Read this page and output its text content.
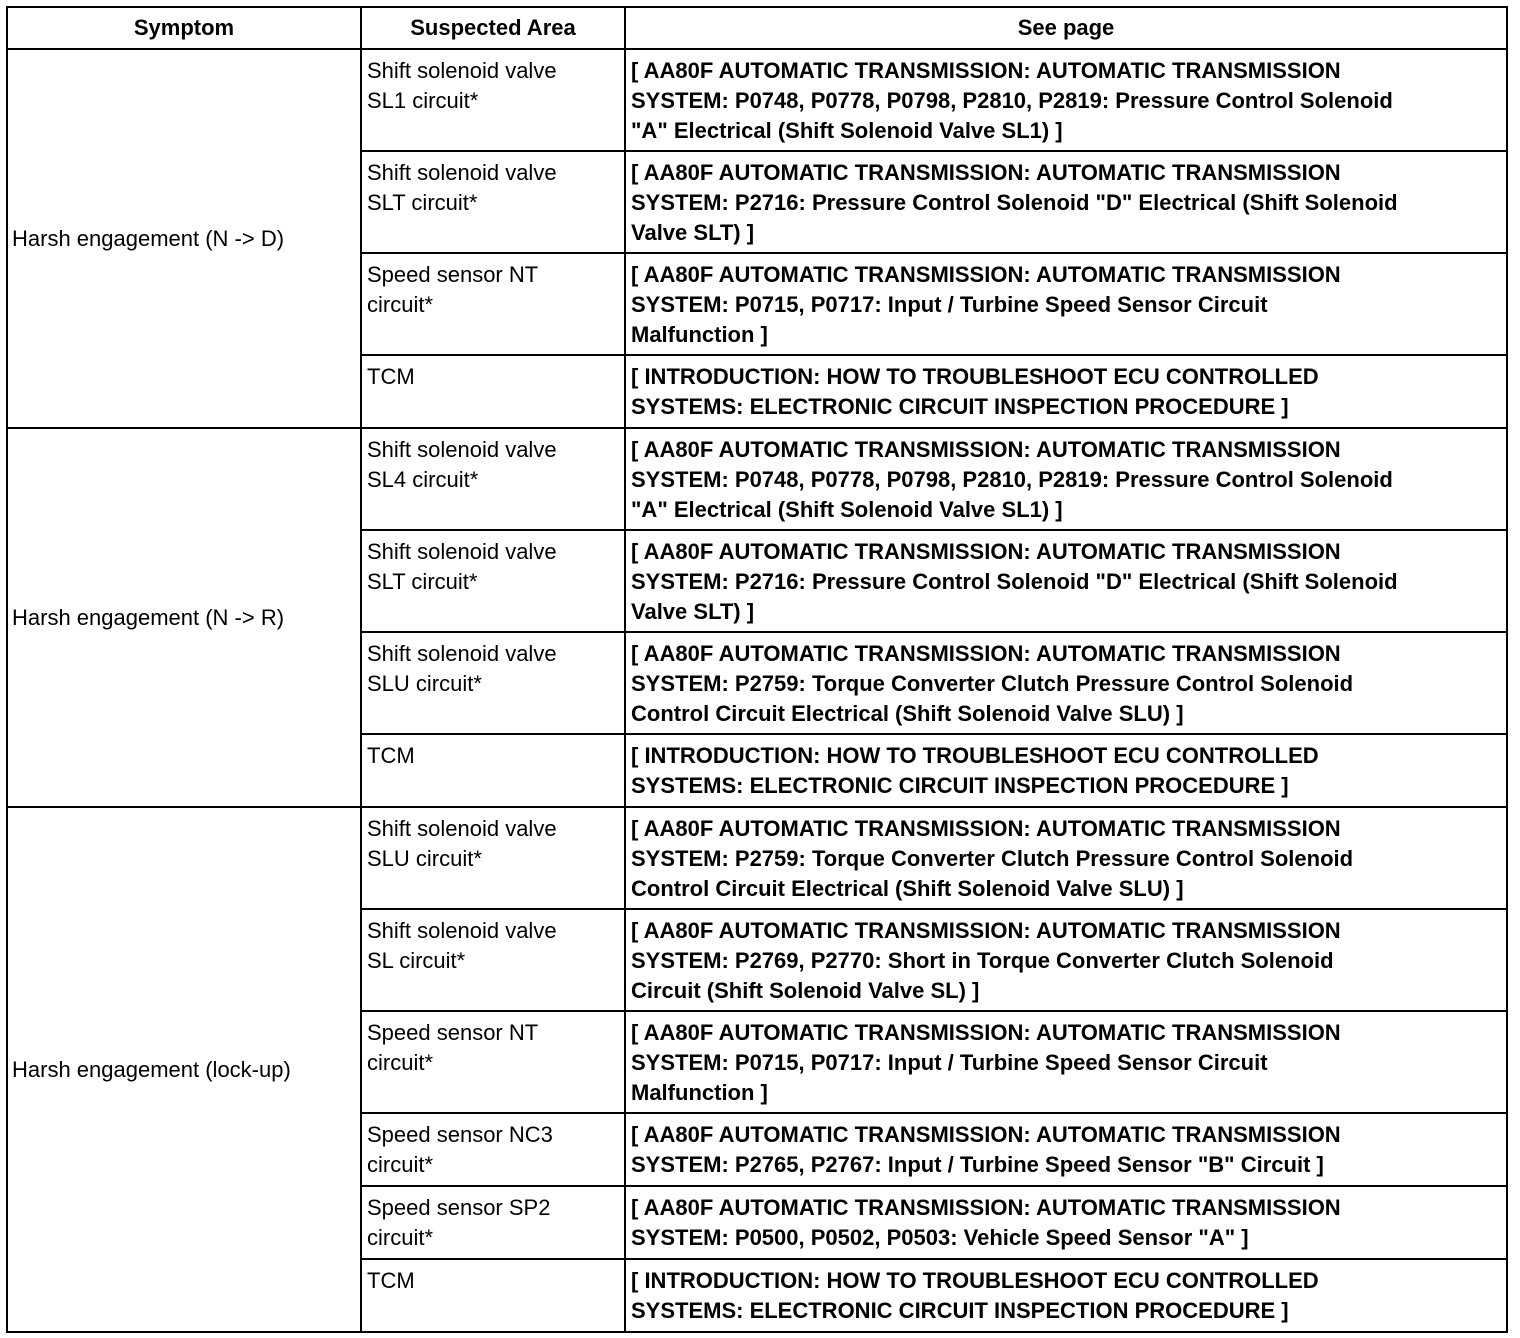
Symptom	Suspected Area	See page
Harsh engagement (N -> D)	Shift solenoid valve
SL1 circuit*	[ AA80F AUTOMATIC TRANSMISSION: AUTOMATIC TRANSMISSION
SYSTEM: P0748, P0778, P0798, P2810, P2819: Pressure Control Solenoid
"A" Electrical (Shift Solenoid Valve SL1) ]

	Shift solenoid valve
SLT circuit*	[ AA80F AUTOMATIC TRANSMISSION: AUTOMATIC TRANSMISSION
SYSTEM: P2716: Pressure Control Solenoid "D" Electrical (Shift Solenoid
Valve SLT) ]

	Speed sensor NT
circuit*	[ AA80F AUTOMATIC TRANSMISSION: AUTOMATIC TRANSMISSION
SYSTEM: P0715, P0717: Input / Turbine Speed Sensor Circuit
Malfunction ]

	TCM	[ INTRODUCTION: HOW TO TROUBLESHOOT ECU CONTROLLED
SYSTEMS: ELECTRONIC CIRCUIT INSPECTION PROCEDURE ]

Harsh engagement (N -> R)	Shift solenoid valve
SL4 circuit*	[ AA80F AUTOMATIC TRANSMISSION: AUTOMATIC TRANSMISSION
SYSTEM: P0748, P0778, P0798, P2810, P2819: Pressure Control Solenoid
"A" Electrical (Shift Solenoid Valve SL1) ]

	Shift solenoid valve
SLT circuit*	[ AA80F AUTOMATIC TRANSMISSION: AUTOMATIC TRANSMISSION
SYSTEM: P2716: Pressure Control Solenoid "D" Electrical (Shift Solenoid
Valve SLT) ]

	Shift solenoid valve
SLU circuit*	[ AA80F AUTOMATIC TRANSMISSION: AUTOMATIC TRANSMISSION
SYSTEM: P2759: Torque Converter Clutch Pressure Control Solenoid
Control Circuit Electrical (Shift Solenoid Valve SLU) ]

	TCM	[ INTRODUCTION: HOW TO TROUBLESHOOT ECU CONTROLLED
SYSTEMS: ELECTRONIC CIRCUIT INSPECTION PROCEDURE ]

Harsh engagement (lock-up)	Shift solenoid valve
SLU circuit*	[ AA80F AUTOMATIC TRANSMISSION: AUTOMATIC TRANSMISSION
SYSTEM: P2759: Torque Converter Clutch Pressure Control Solenoid
Control Circuit Electrical (Shift Solenoid Valve SLU) ]

	Shift solenoid valve
SL circuit*	[ AA80F AUTOMATIC TRANSMISSION: AUTOMATIC TRANSMISSION
SYSTEM: P2769, P2770: Short in Torque Converter Clutch Solenoid
Circuit (Shift Solenoid Valve SL) ]

	Speed sensor NT
circuit*	[ AA80F AUTOMATIC TRANSMISSION: AUTOMATIC TRANSMISSION
SYSTEM: P0715, P0717: Input / Turbine Speed Sensor Circuit
Malfunction ]

	Speed sensor NC3
circuit*	[ AA80F AUTOMATIC TRANSMISSION: AUTOMATIC TRANSMISSION
SYSTEM: P2765, P2767: Input / Turbine Speed Sensor "B" Circuit ]

	Speed sensor SP2
circuit*	[ AA80F AUTOMATIC TRANSMISSION: AUTOMATIC TRANSMISSION
SYSTEM: P0500, P0502, P0503: Vehicle Speed Sensor "A" ]

	TCM	[ INTRODUCTION: HOW TO TROUBLESHOOT ECU CONTROLLED
SYSTEMS: ELECTRONIC CIRCUIT INSPECTION PROCEDURE ]
